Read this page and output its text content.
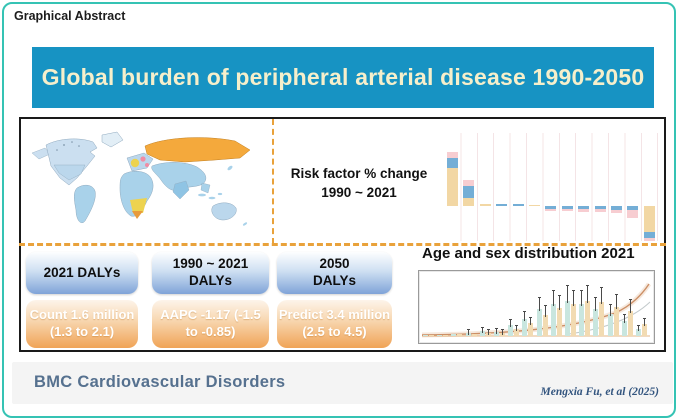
Graphical Abstract
Global burden of peripheral arterial disease 1990-2050
Risk factor % change
1990 ~ 2021
2021 DALYs
1990 ~ 2021
DALYs
2050
DALYs
Count 1.6 million
(1.3 to 2.1)
AAPC -1.17 (-1.5
to -0.85)
Predict 3.4 million
(2.5 to 4.5)
Age and sex distribution 2021
BMC Cardiovascular Disorders
Mengxia Fu, et al (2025)
